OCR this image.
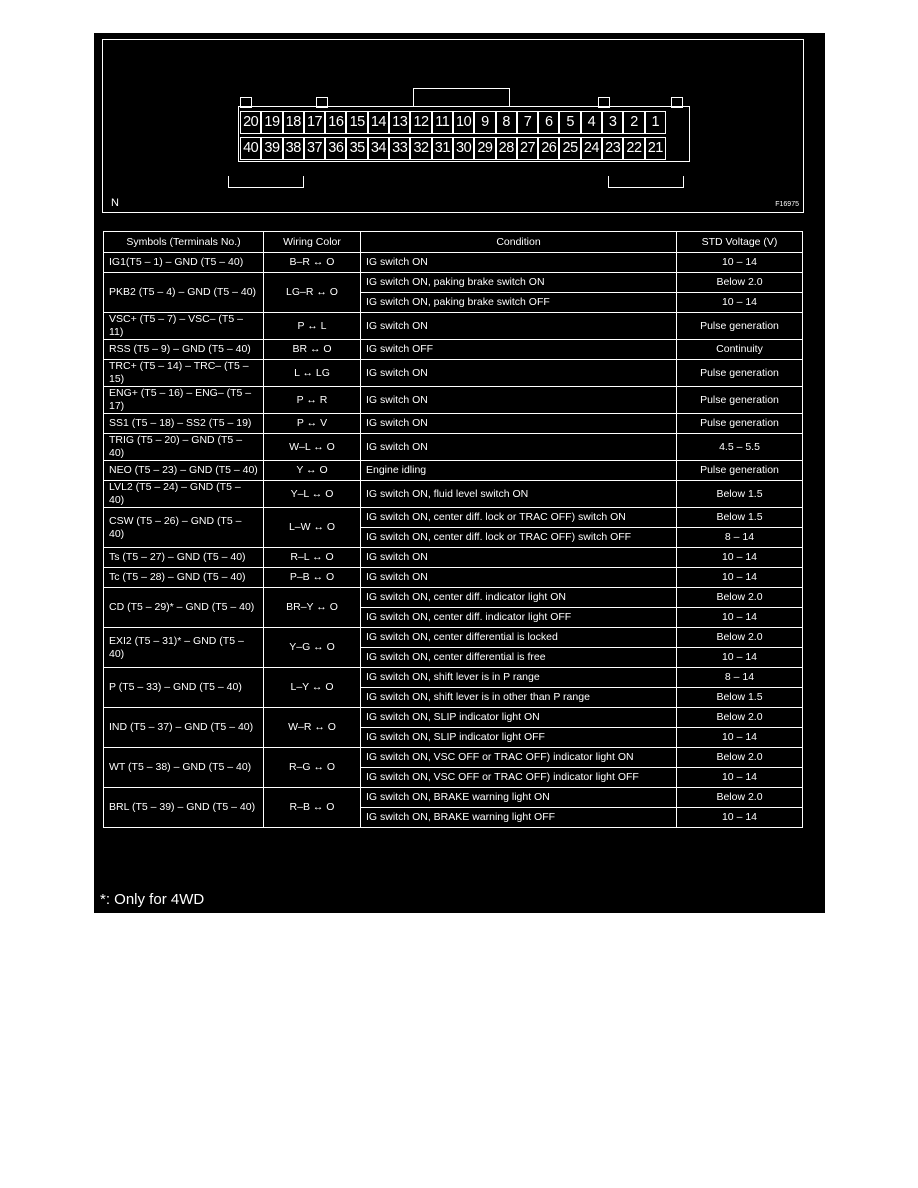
20 19 18 17 16 15 14 13 12 11 10 9 8 7 6 5 4 3 2 1
40 39 38 37 36 35 34 33 32 31 30 29 28 27 26 25 24 23 22 21
N	F16975
Symbols (Terminals No.)	Wiring Color	Condition	STD Voltage (V)
IG1(T5 – 1) – GND (T5 – 40)	B–R ↔ O	IG switch ON	10 – 14
PKB2 (T5 – 4) – GND (T5 – 40)	LG–R ↔ O	IG switch ON, paking brake switch ON	Below 2.0
		IG switch ON, paking brake switch OFF	10 – 14
VSC+ (T5 – 7) – VSC– (T5 – 11)	P ↔ L	IG switch ON	Pulse generation
RSS (T5 – 9) – GND (T5 – 40)	BR ↔ O	IG switch OFF	Continuity
TRC+ (T5 – 14) – TRC– (T5 – 15)	L ↔ LG	IG switch ON	Pulse generation
ENG+ (T5 – 16) – ENG– (T5 – 17)	P ↔ R	IG switch ON	Pulse generation
SS1 (T5 – 18) – SS2 (T5 – 19)	P ↔ V	IG switch ON	Pulse generation
TRIG (T5 – 20) – GND (T5 – 40)	W–L ↔ O	IG switch ON	4.5 – 5.5
NEO (T5 – 23) – GND (T5 – 40)	Y ↔ O	Engine idling	Pulse generation
LVL2 (T5 – 24) – GND (T5 – 40)	Y–L ↔ O	IG switch ON, fluid level switch ON	Below 1.5
CSW (T5 – 26) – GND (T5 – 40)	L–W ↔ O	IG switch ON, center diff. lock or TRAC OFF) switch ON	Below 1.5
		IG switch ON, center diff. lock or TRAC OFF) switch OFF	8 – 14
Ts (T5 – 27) – GND (T5 – 40)	R–L ↔ O	IG switch ON	10 – 14
Tc (T5 – 28) – GND (T5 – 40)	P–B ↔ O	IG switch ON	10 – 14
CD (T5 – 29)* – GND (T5 – 40)	BR–Y ↔ O	IG switch ON, center diff. indicator light ON	Below 2.0
		IG switch ON, center diff. indicator light OFF	10 – 14
EXI2 (T5 – 31)* – GND (T5 – 40)	Y–G ↔ O	IG switch ON, center differential is locked	Below 2.0
		IG switch ON, center differential is free	10 – 14
P (T5 – 33) – GND (T5 – 40)	L–Y ↔ O	IG switch ON, shift lever is in P range	8 – 14
		IG switch ON, shift lever is in other than P range	Below 1.5
IND (T5 – 37) – GND (T5 – 40)	W–R ↔ O	IG switch ON, SLIP indicator light ON	Below 2.0
		IG switch ON, SLIP indicator light OFF	10 – 14
WT (T5 – 38) – GND (T5 – 40)	R–G ↔ O	IG switch ON, VSC OFF or TRAC OFF) indicator light ON	Below 2.0
		IG switch ON, VSC OFF or TRAC OFF) indicator light OFF	10 – 14
BRL (T5 – 39) – GND (T5 – 40)	R–B ↔ O	IG switch ON, BRAKE warning light ON	Below 2.0
		IG switch ON, BRAKE warning light OFF	10 – 14
*: Only for 4WD
